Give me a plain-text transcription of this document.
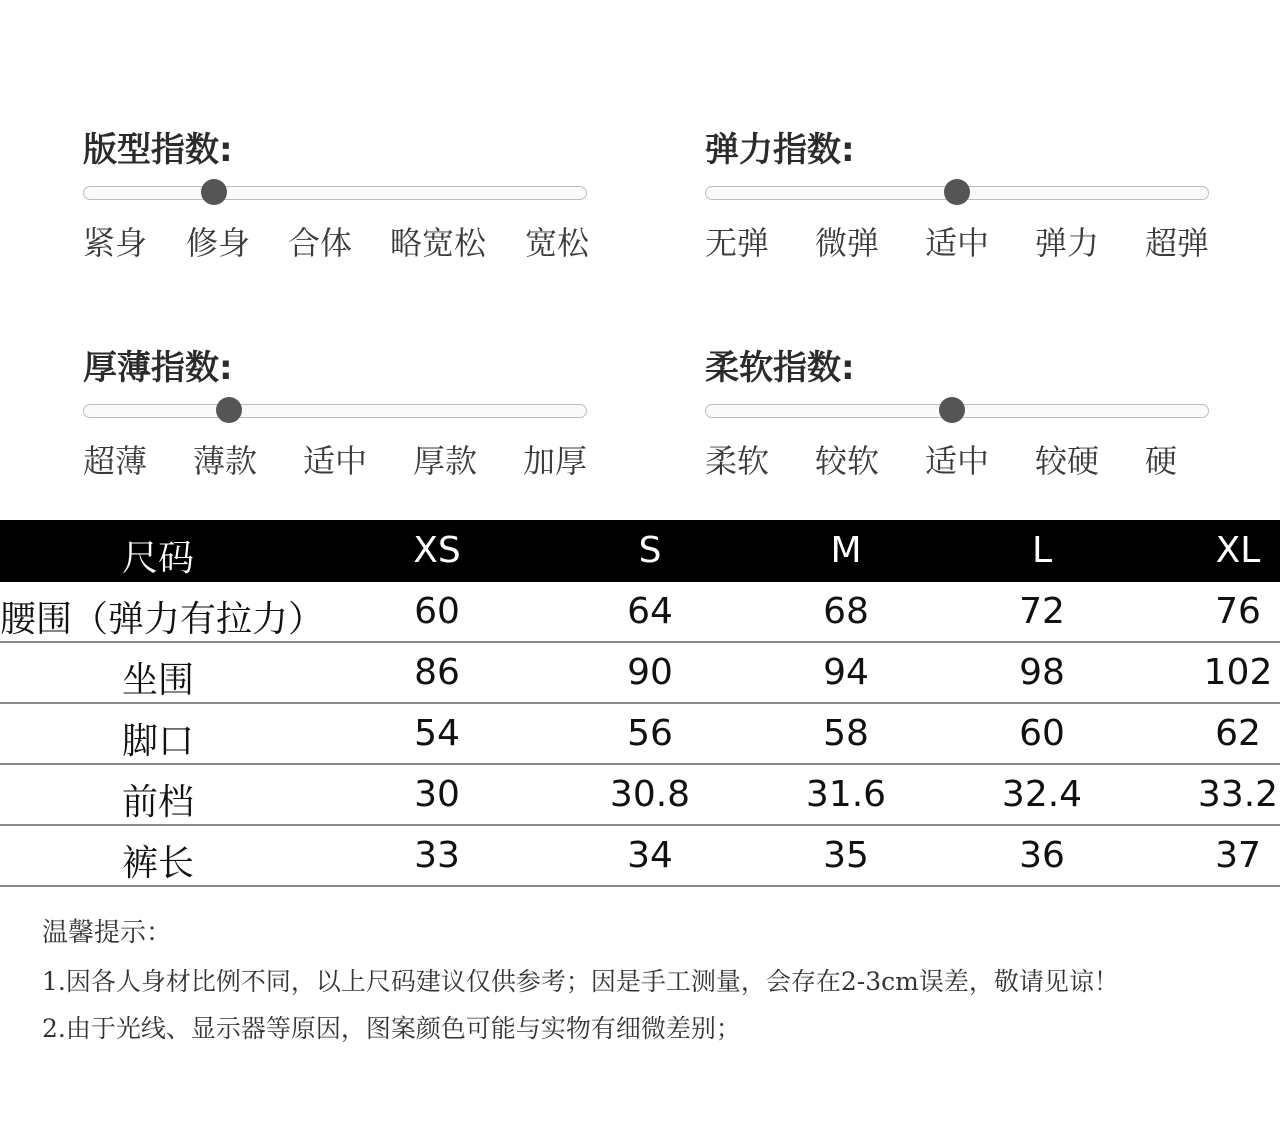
版型指数:
紧身 修身 合体 略宽松 宽松
弹力指数:
无弹 微弹 适中 弹力 超弹
厚薄指数:
超薄 薄款 适中 厚款 加厚
柔软指数:
柔软 较软 适中 较硬 硬
尺码	XS	S	M	L	XL
腰围（弹力有拉力）	60	64	68	72	76
坐围	86	90	94	98	102
脚口	54	56	58	60	62
前档	30	30.8	31.6	32.4	33.2
裤长	33	34	35	36	37
温馨提示：
1.因各人身材比例不同，以上尺码建议仅供参考；因是手工测量，会存在2-3cm误差，敬请见谅！
2.由于光线、显示器等原因，图案颜色可能与实物有细微差别；
